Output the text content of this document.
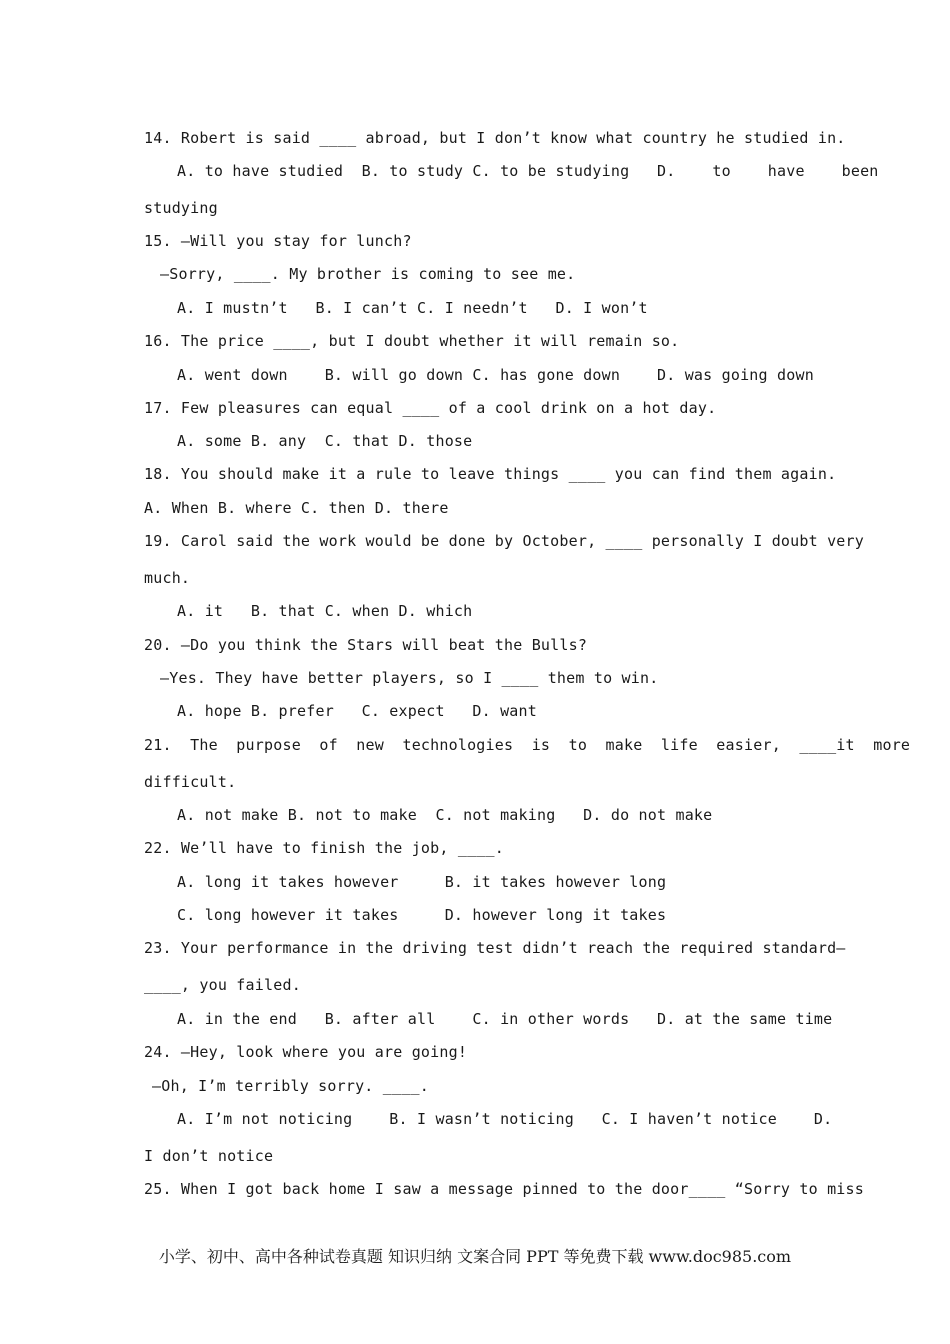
14. Robert is said ____ abroad, but I don’t know what country he studied in.
A. to have studied  B. to study C. to be studying   D.    to    have    been
studying
15. —Will you stay for lunch?
—Sorry, ____. My brother is coming to see me.
A. I mustn’t   B. I can’t C. I needn’t   D. I won’t
16. The price ____, but I doubt whether it will remain so.
A. went down    B. will go down C. has gone down    D. was going down
17. Few pleasures can equal ____ of a cool drink on a hot day.
A. some B. any  C. that D. those
18. You should make it a rule to leave things ____ you can find them again.
A. When B. where C. then D. there
19. Carol said the work would be done by October, ____ personally I doubt very
much.
A. it   B. that C. when D. which
20. —Do you think the Stars will beat the Bulls?
—Yes. They have better players, so I ____ them to win.
A. hope B. prefer   C. expect   D. want
21.  The  purpose  of  new  technologies  is  to  make  life  easier,  ____it  more
difficult.
A. not make B. not to make  C. not making   D. do not make
22. We’ll have to finish the job, ____.
A. long it takes however     B. it takes however long
C. long however it takes     D. however long it takes
23. Your performance in the driving test didn’t reach the required standard—
____, you failed.
A. in the end   B. after all    C. in other words   D. at the same time
24. —Hey, look where you are going!
—Oh, I’m terribly sorry. ____.
A. I’m not noticing    B. I wasn’t noticing   C. I haven’t notice    D.
I don’t notice
25. When I got back home I saw a message pinned to the door____ “Sorry to miss
小学、初中、高中各种试卷真题 知识归纳 文案合同 PPT 等免费下载 www.doc985.com
